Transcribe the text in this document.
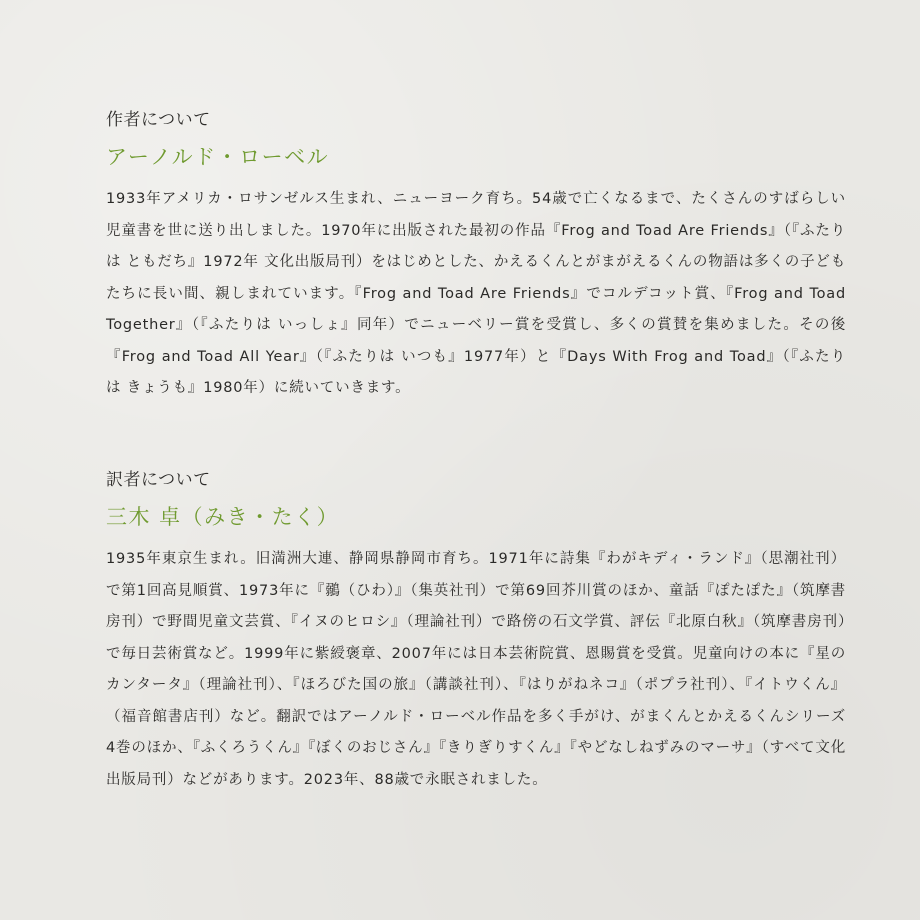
作者について

アーノルド・ローベル

1933年アメリカ・ロサンゼルス生まれ、ニューヨーク育ち。54歳で亡くなるまで、たくさんのすばらしい児童書を世に送り出しました。1970年に出版された最初の作品『Frog and Toad Are Friends』（『ふたりは ともだち』1972年 文化出版局刊）をはじめとした、かえるくんとがまがえるくんの物語は多くの子どもたちに長い間、親しまれています。『Frog and Toad Are Friends』でコルデコット賞、『Frog and Toad Together』（『ふたりは いっしょ』同年）でニューベリー賞を受賞し、多くの賞賛を集めました。その後『Frog and Toad All Year』（『ふたりは いつも』1977年）と『Days With Frog and Toad』（『ふたりは きょうも』1980年）に続いていきます。

訳者について

三木 卓（みき・たく）

1935年東京生まれ。旧満洲大連、静岡県静岡市育ち。1971年に詩集『わがキディ・ランド』（思潮社刊）で第1回高見順賞、1973年に『鶸（ひわ）』（集英社刊）で第69回芥川賞のほか、童話『ぽたぽた』（筑摩書房刊）で野間児童文芸賞、『イヌのヒロシ』（理論社刊）で路傍の石文学賞、評伝『北原白秋』（筑摩書房刊）で毎日芸術賞など。1999年に紫綬褒章、2007年には日本芸術院賞、恩賜賞を受賞。児童向けの本に『星のカンタータ』（理論社刊）、『ほろびた国の旅』（講談社刊）、『はりがねネコ』（ポプラ社刊）、『イトウくん』（福音館書店刊）など。翻訳ではアーノルド・ローベル作品を多く手がけ、がまくんとかえるくんシリーズ4巻のほか、『ふくろうくん』『ぼくのおじさん』『きりぎりすくん』『やどなしねずみのマーサ』（すべて文化出版局刊）などがあります。2023年、88歳で永眠されました。
